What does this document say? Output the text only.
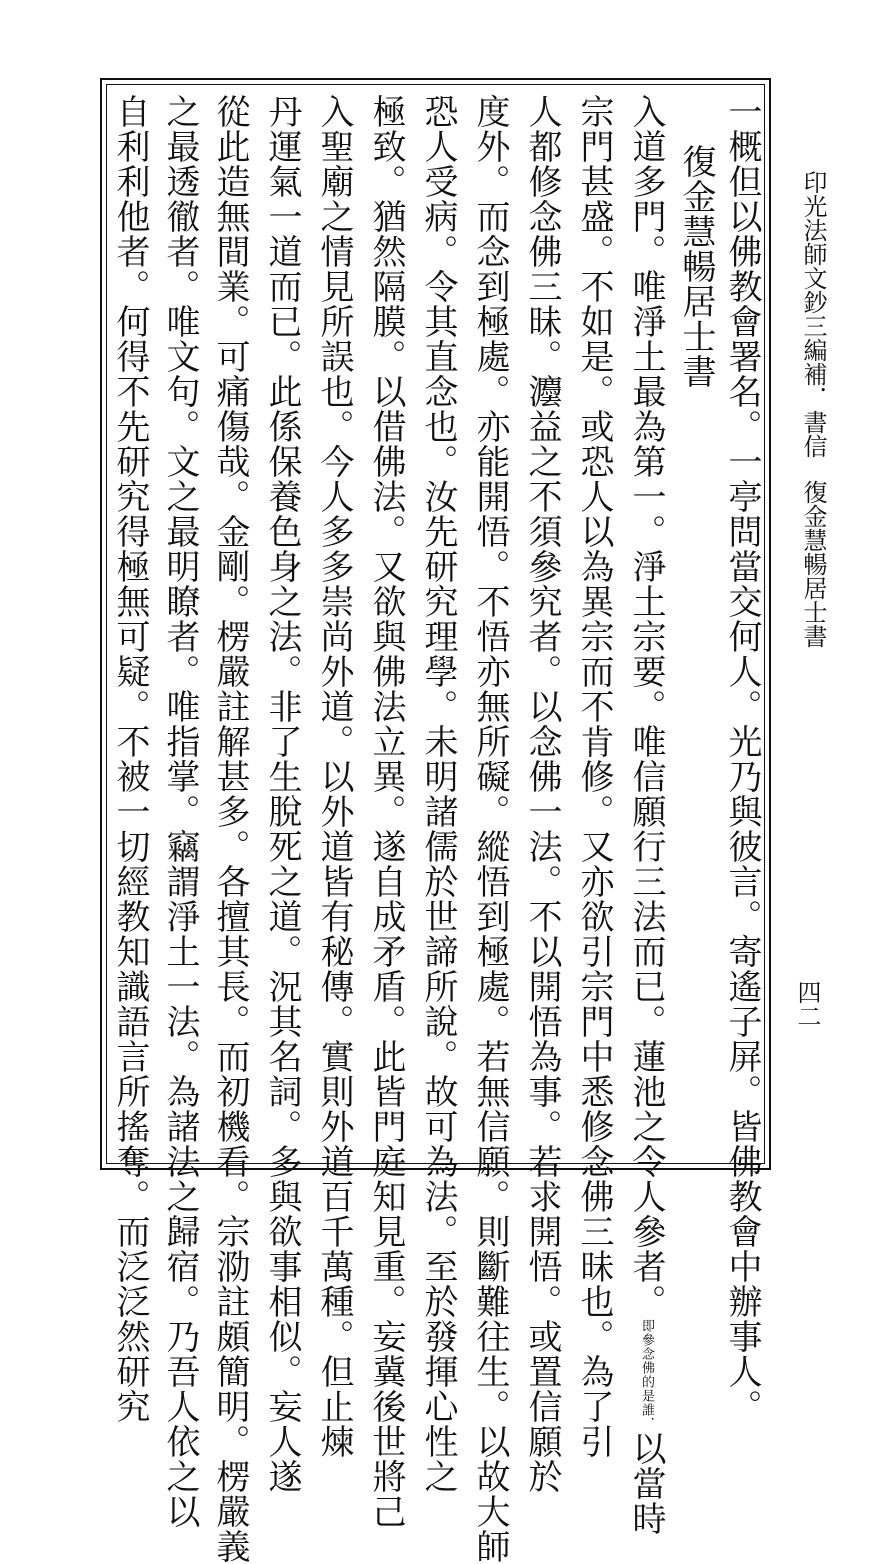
印光法師文鈔三編補．書信
復金慧暢居士書
四二
一概但以佛教會署名。一亭問當交何人。光乃與彼言。寄遙子屏。皆佛教會中辦事人。
復金慧暢居士書
入道多門。唯淨土最為第一。淨土宗要。唯信願行三法而已。蓮池之令人參者。即參念佛的是誰．以當時
宗門甚盛。不如是。或恐人以為異宗而不肯修。又亦欲引宗門中悉修念佛三昧也。為了引
人都修念佛三昧。灋益之不須參究者。以念佛一法。不以開悟為事。若求開悟。或置信願於
度外。而念到極處。亦能開悟。不悟亦無所礙。縱悟到極處。若無信願。則斷難往生。以故大師
恐人受病。令其直念也。汝先研究理學。未明諸儒於世諦所說。故可為法。至於發揮心性之
極致。猶然隔膜。以借佛法。又欲與佛法立異。遂自成矛盾。此皆門庭知見重。妄冀後世將己
入聖廟之情見所誤也。今人多多崇尚外道。以外道皆有秘傳。實則外道百千萬種。但止煉
丹運氣一道而已。此係保養色身之法。非了生脫死之道。況其名詞。多與欲事相似。妄人遂
從此造無間業。可痛傷哉。金剛。楞嚴註解甚多。各擅其長。而初機看。宗泐註頗簡明。楞嚴義
之最透徹者。唯文句。文之最明瞭者。唯指掌。竊謂淨土一法。為諸法之歸宿。乃吾人依之以
自利利他者。何得不先研究得極無可疑。不被一切經教知識語言所搖奪。而泛泛然研究
